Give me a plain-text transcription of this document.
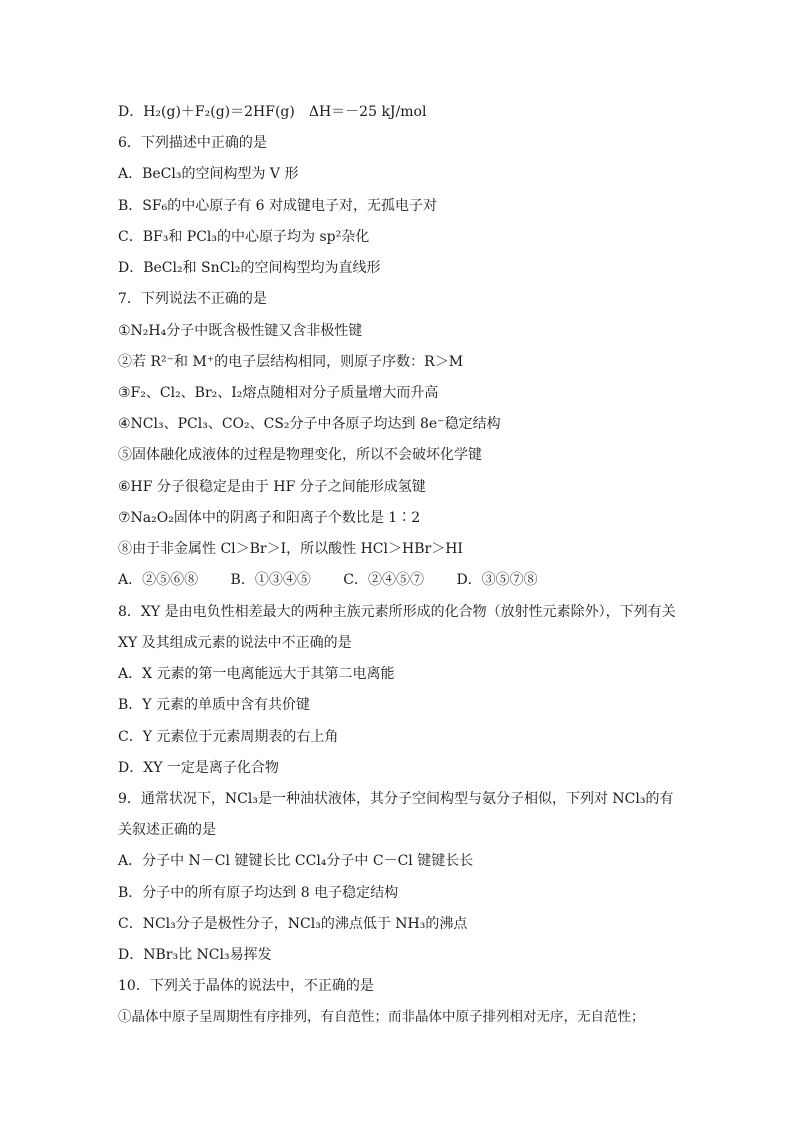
D．H₂(g)＋F₂(g)＝2HF(g)　ΔH＝－25 kJ/mol
6．下列描述中正确的是
A．BeCl₃的空间构型为 V 形
B．SF₆的中心原子有 6 对成键电子对，无孤电子对
C．BF₃和 PCl₃的中心原子均为 sp²杂化
D．BeCl₂和 SnCl₂的空间构型均为直线形
7．下列说法不正确的是
①N₂H₄分子中既含极性键又含非极性键
②若 R²⁻和 M⁺的电子层结构相同，则原子序数：R＞M
③F₂、Cl₂、Br₂、I₂熔点随相对分子质量增大而升高
④NCl₃、PCl₃、CO₂、CS₂分子中各原子均达到 8e⁻稳定结构
⑤固体融化成液体的过程是物理变化，所以不会破坏化学键
⑥HF 分子很稳定是由于 HF 分子之间能形成氢键
⑦Na₂O₂固体中的阴离子和阳离子个数比是 1∶2
⑧由于非金属性 Cl＞Br＞I，所以酸性 HCl＞HBr＞HI
A．②⑤⑥⑧　　 B．①③④⑤　　 C．②④⑤⑦　　 D．③⑤⑦⑧
8．XY 是由电负性相差最大的两种主族元素所形成的化合物（放射性元素除外），下列有关
XY 及其组成元素的说法中不正确的是
A．X 元素的第一电离能远大于其第二电离能
B．Y 元素的单质中含有共价键
C．Y 元素位于元素周期表的右上角
D．XY 一定是离子化合物
9．通常状况下，NCl₃是一种油状液体，其分子空间构型与氨分子相似，下列对 NCl₃的有
关叙述正确的是
A．分子中 N－Cl 键键长比 CCl₄分子中 C－Cl 键键长长
B．分子中的所有原子均达到 8 电子稳定结构
C．NCl₃分子是极性分子，NCl₃的沸点低于 NH₃的沸点
D．NBr₃比 NCl₃易挥发
10．下列关于晶体的说法中，不正确的是
①晶体中原子呈周期性有序排列，有自范性；而非晶体中原子排列相对无序，无自范性；
